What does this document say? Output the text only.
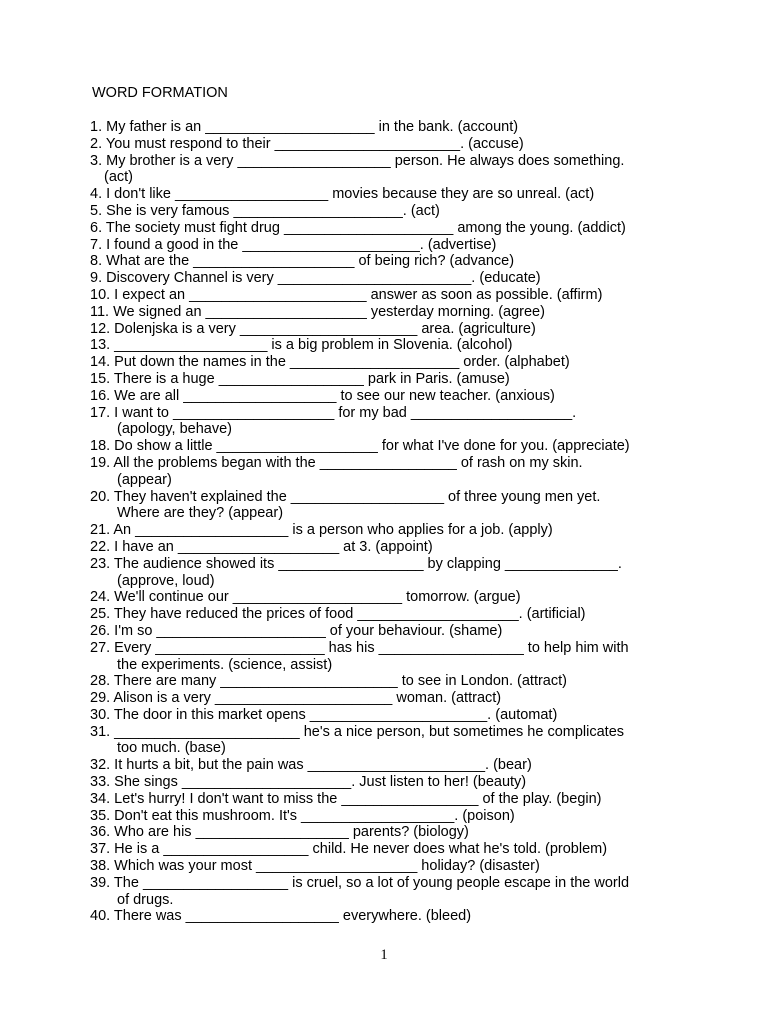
WORD FORMATION
1. My father is an _____________________ in the bank. (account)
2. You must respond to their _______________________. (accuse)
3. My brother is a very ___________________ person. He always does something.
(act)
4. I don't like ___________________ movies because they are so unreal. (act)
5. She is very famous _____________________. (act)
6. The society must fight drug _____________________ among the young. (addict)
7. I found a good in the ______________________. (advertise)
8. What are the ____________________ of being rich? (advance)
9. Discovery Channel is very ________________________. (educate)
10. I expect an ______________________ answer as soon as possible. (affirm)
11. We signed an ____________________ yesterday morning. (agree)
12. Dolenjska is a very ______________________ area. (agriculture)
13. ___________________ is a big problem in Slovenia. (alcohol)
14. Put down the names in the _____________________ order. (alphabet)
15. There is a huge __________________ park in Paris. (amuse)
16. We are all ___________________ to see our new teacher. (anxious)
17. I want to ____________________ for my bad ____________________.
(apology, behave)
18. Do show a little ____________________ for what I've done for you. (appreciate)
19. All the problems began with the _________________ of rash on my skin.
(appear)
20. They haven't explained the ___________________ of three young men yet.
Where are they? (appear)
21. An ___________________ is a person who applies for a job. (apply)
22. I have an ____________________ at 3. (appoint)
23. The audience showed its __________________ by clapping ______________.
(approve, loud)
24. We'll continue our _____________________ tomorrow. (argue)
25. They have reduced the prices of food ____________________. (artificial)
26. I'm so _____________________ of your behaviour. (shame)
27. Every _____________________ has his __________________ to help him with
the experiments. (science, assist)
28. There are many ______________________ to see in London. (attract)
29. Alison is a very ______________________ woman. (attract)
30. The door in this market opens ______________________. (automat)
31. _______________________ he's a nice person, but sometimes he complicates
too much. (base)
32. It hurts a bit, but the pain was ______________________. (bear)
33. She sings _____________________. Just listen to her! (beauty)
34. Let's hurry! I don't want to miss the _________________ of the play. (begin)
35. Don't eat this mushroom. It's ___________________. (poison)
36. Who are his ___________________ parents? (biology)
37. He is a __________________ child. He never does what he's told. (problem)
38. Which was your most ____________________ holiday? (disaster)
39. The __________________ is cruel, so a lot of young people escape in the world
of drugs.
40. There was ___________________ everywhere. (bleed)
1
